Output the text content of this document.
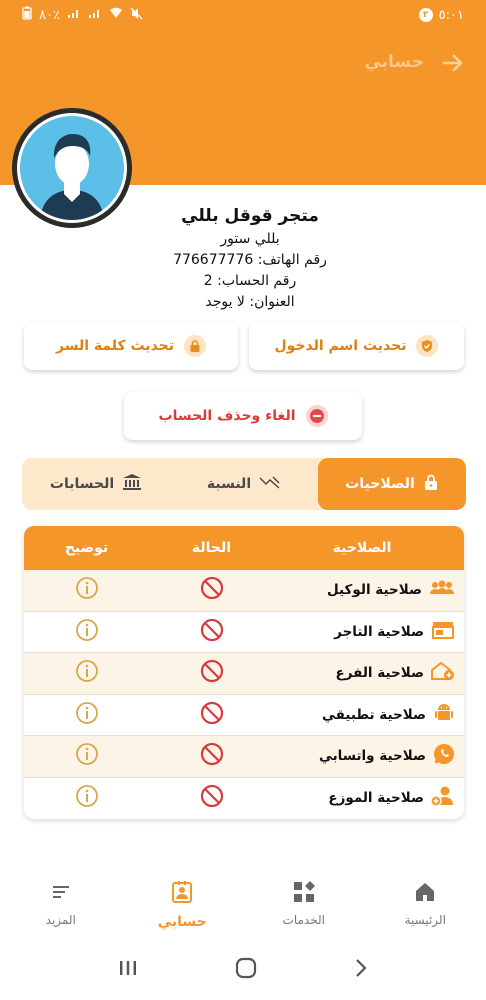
٨٠٪	٢ ٥:٠١
حسابي
متجر قوقل بللي
بللي ستور
رقم الهاتف: 776677776
رقم الحساب: 2
العنوان: لا يوجد
تحديث اسم الدخول
تحديث كلمة السر
الغاء وحذف الحساب
الصلاحيات
النسبة
الحسابات
الصلاحية
الحالة
توضيح
صلاحية الوكيل
صلاحية التاجر
صلاحية الفرع
صلاحية تطبيقي
صلاحية واتسابي
صلاحية الموزع
الرئيسية
الخدمات
حسابي
المزيد
